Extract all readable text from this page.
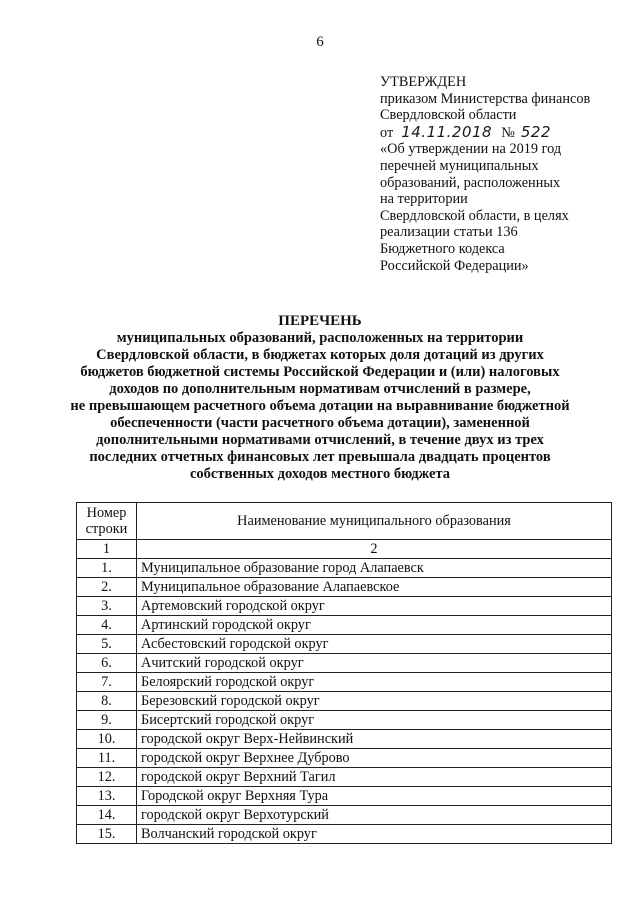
6
УТВЕРЖДЕН
приказом Министерства финансов
Свердловской области
от 14.11.2018 № 522
«Об утверждении на 2019 год
перечней муниципальных
образований, расположенных
на территории
Свердловской области, в целях
реализации статьи 136
Бюджетного кодекса
Российской Федерации»
ПЕРЕЧЕНЬ
муниципальных образований, расположенных на территории
Свердловской области, в бюджетах которых доля дотаций из других
бюджетов бюджетной системы Российской Федерации и (или) налоговых
доходов по дополнительным нормативам отчислений в размере,
не превышающем расчетного объема дотации на выравнивание бюджетной
обеспеченности (части расчетного объема дотации), замененной
дополнительными нормативами отчислений, в течение двух из трех
последних отчетных финансовых лет превышала двадцать процентов
собственных доходов местного бюджета
Номер
строки	Наименование муниципального образования
1	2
1.	Муниципальное образование город Алапаевск
2.	Муниципальное образование Алапаевское
3.	Артемовский городской округ
4.	Артинский городской округ
5.	Асбестовский городской округ
6.	Ачитский городской округ
7.	Белоярский городской округ
8.	Березовский городской округ
9.	Бисертский городской округ
10.	городской округ Верх-Нейвинский
11.	городской округ Верхнее Дуброво
12.	городской округ Верхний Тагил
13.	Городской округ Верхняя Тура
14.	городской округ Верхотурский
15.	Волчанский городской округ
